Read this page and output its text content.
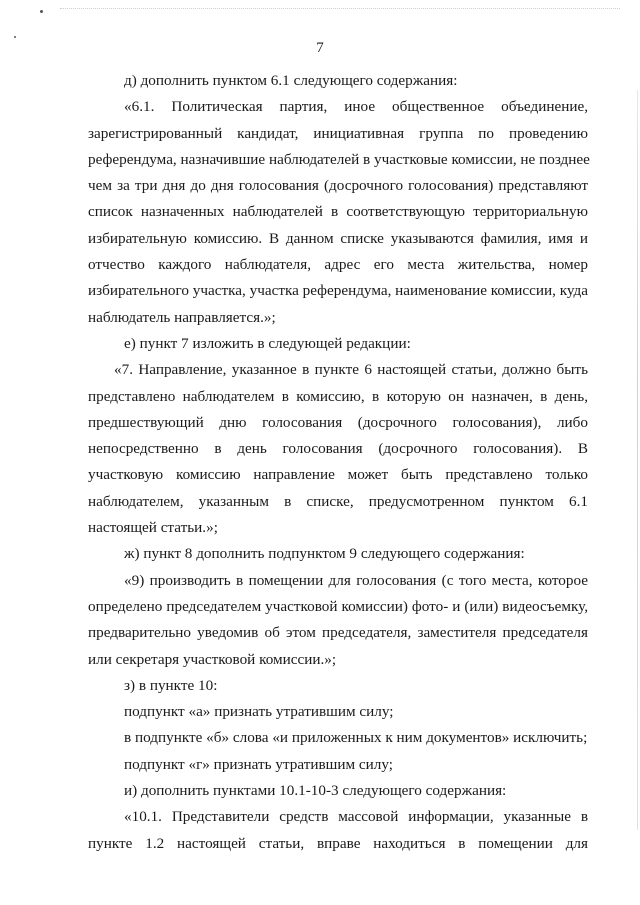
7
д) дополнить пунктом 6.1 следующего содержания:
«6.1. Политическая партия, иное общественное объединение,
зарегистрированный кандидат, инициативная группа по проведению
референдума, назначившие наблюдателей в участковые комиссии, не позднее
чем за три дня до дня голосования (досрочного голосования) представляют
список назначенных наблюдателей в соответствующую территориальную
избирательную комиссию. В данном списке указываются фамилия, имя и
отчество каждого наблюдателя, адрес его места жительства, номер
избирательного участка, участка референдума, наименование комиссии, куда
наблюдатель направляется.»;
е) пункт 7 изложить в следующей редакции:
«7. Направление, указанное в пункте 6 настоящей статьи, должно быть
представлено наблюдателем в комиссию, в которую он назначен, в день,
предшествующий дню голосования (досрочного голосования), либо
непосредственно в день голосования (досрочного голосования). В
участковую комиссию направление может быть представлено только
наблюдателем, указанным в списке, предусмотренном пунктом 6.1
настоящей статьи.»;
ж) пункт 8 дополнить подпунктом 9 следующего содержания:
«9) производить в помещении для голосования (с того места, которое
определено председателем участковой комиссии) фото- и (или) видеосъемку,
предварительно уведомив об этом председателя, заместителя председателя
или секретаря участковой комиссии.»;
з) в пункте 10:
подпункт «а» признать утратившим силу;
в подпункте «б» слова «и приложенных к ним документов» исключить;
подпункт «г» признать утратившим силу;
и) дополнить пунктами 10.1-10-3 следующего содержания:
«10.1. Представители средств массовой информации, указанные в
пункте 1.2 настоящей статьи, вправе находиться в помещении для
